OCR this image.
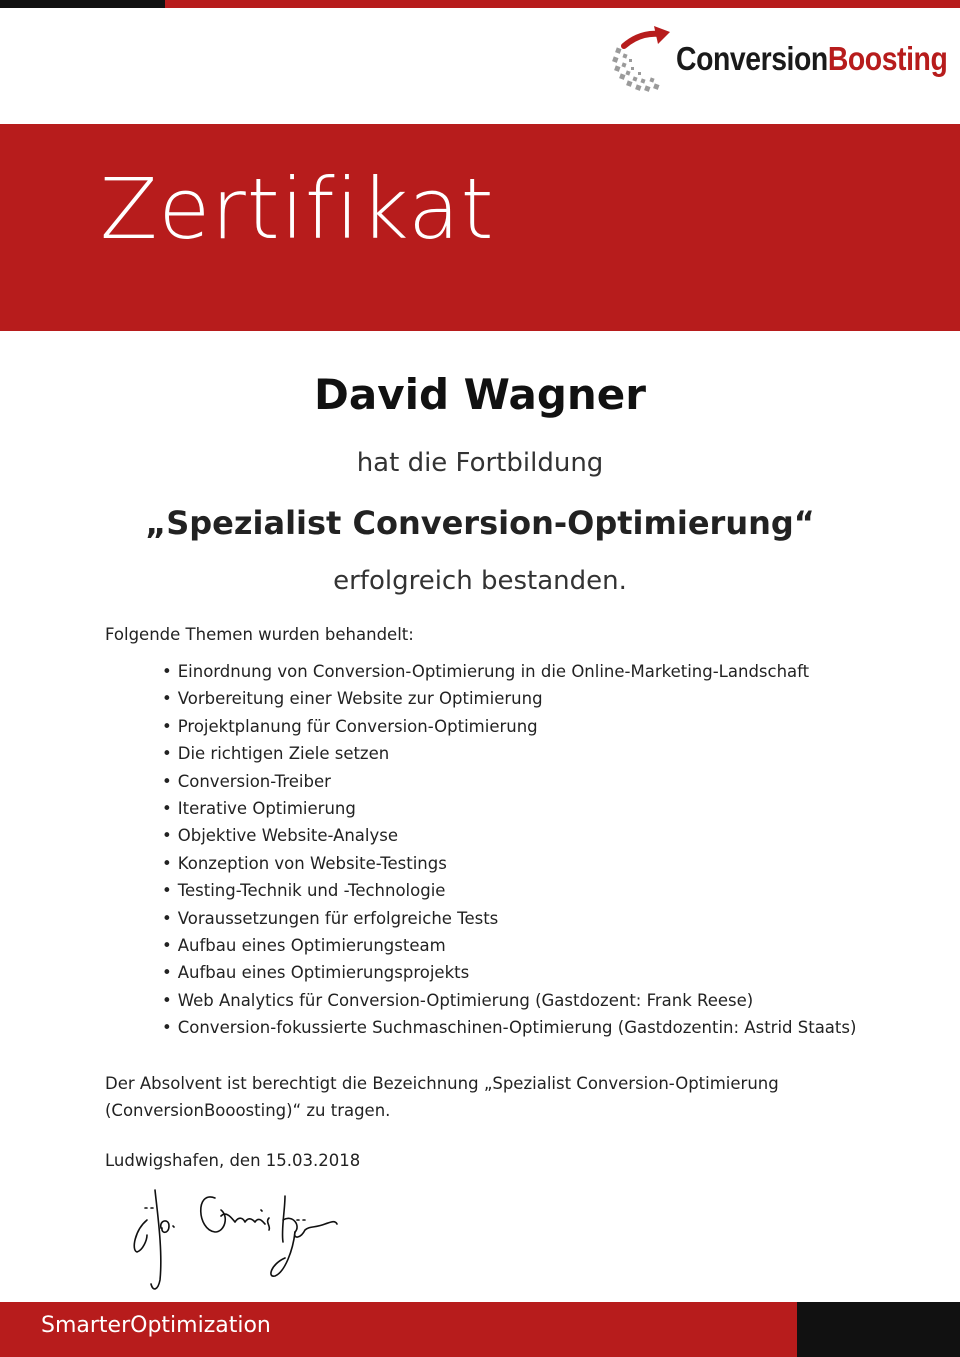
ConversionBoosting
Zertifikat
David Wagner
hat die Fortbildung
„Spezialist Conversion-Optimierung“
erfolgreich bestanden.
Folgende Themen wurden behandelt:
• Einordnung von Conversion-Optimierung in die Online-Marketing-Landschaft
• Vorbereitung einer Website zur Optimierung
• Projektplanung für Conversion-Optimierung
• Die richtigen Ziele setzen
• Conversion-Treiber
• Iterative Optimierung
• Objektive Website-Analyse
• Konzeption von Website-Testings
• Testing-Technik und -Technologie
• Voraussetzungen für erfolgreiche Tests
• Aufbau eines Optimierungsteam
• Aufbau eines Optimierungsprojekts
• Web Analytics für Conversion-Optimierung (Gastdozent: Frank Reese)
• Conversion-fokussierte Suchmaschinen-Optimierung (Gastdozentin: Astrid Staats)
Der Absolvent ist berechtigt die Bezeichnung „Spezialist Conversion-Optimierung (ConversionBooosting)“ zu tragen.
Ludwigshafen, den 15.03.2018
SmarterOptimization
